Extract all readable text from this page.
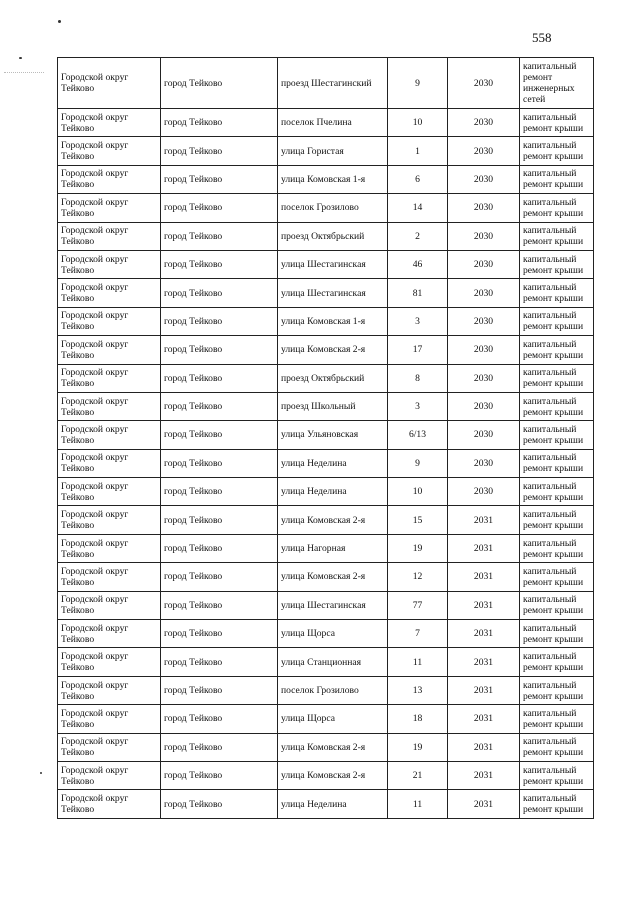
558
Городской округ Тейково	город Тейково	проезд Шестагинский	9	2030	капитальный ремонт инженерных сетей
Городской округ Тейково	город Тейково	поселок Пчелина	10	2030	капитальный ремонт крыши
Городской округ Тейково	город Тейково	улица Гористая	1	2030	капитальный ремонт крыши
Городской округ Тейково	город Тейково	улица Комовская 1-я	6	2030	капитальный ремонт крыши
Городской округ Тейково	город Тейково	поселок Грозилово	14	2030	капитальный ремонт крыши
Городской округ Тейково	город Тейково	проезд Октябрьский	2	2030	капитальный ремонт крыши
Городской округ Тейково	город Тейково	улица Шестагинская	46	2030	капитальный ремонт крыши
Городской округ Тейково	город Тейково	улица Шестагинская	81	2030	капитальный ремонт крыши
Городской округ Тейково	город Тейково	улица Комовская 1-я	3	2030	капитальный ремонт крыши
Городской округ Тейково	город Тейково	улица Комовская 2-я	17	2030	капитальный ремонт крыши
Городской округ Тейково	город Тейково	проезд Октябрьский	8	2030	капитальный ремонт крыши
Городской округ Тейково	город Тейково	проезд Школьный	3	2030	капитальный ремонт крыши
Городской округ Тейково	город Тейково	улица Ульяновская	6/13	2030	капитальный ремонт крыши
Городской округ Тейково	город Тейково	улица Неделина	9	2030	капитальный ремонт крыши
Городской округ Тейково	город Тейково	улица Неделина	10	2030	капитальный ремонт крыши
Городской округ Тейково	город Тейково	улица Комовская 2-я	15	2031	капитальный ремонт крыши
Городской округ Тейково	город Тейково	улица Нагорная	19	2031	капитальный ремонт крыши
Городской округ Тейково	город Тейково	улица Комовская 2-я	12	2031	капитальный ремонт крыши
Городской округ Тейково	город Тейково	улица Шестагинская	77	2031	капитальный ремонт крыши
Городской округ Тейково	город Тейково	улица Щорса	7	2031	капитальный ремонт крыши
Городской округ Тейково	город Тейково	улица Станционная	11	2031	капитальный ремонт крыши
Городской округ Тейково	город Тейково	поселок Грозилово	13	2031	капитальный ремонт крыши
Городской округ Тейково	город Тейково	улица Щорса	18	2031	капитальный ремонт крыши
Городской округ Тейково	город Тейково	улица Комовская 2-я	19	2031	капитальный ремонт крыши
Городской округ Тейково	город Тейково	улица Комовская 2-я	21	2031	капитальный ремонт крыши
Городской округ Тейково	город Тейково	улица Неделина	11	2031	капитальный ремонт крыши
